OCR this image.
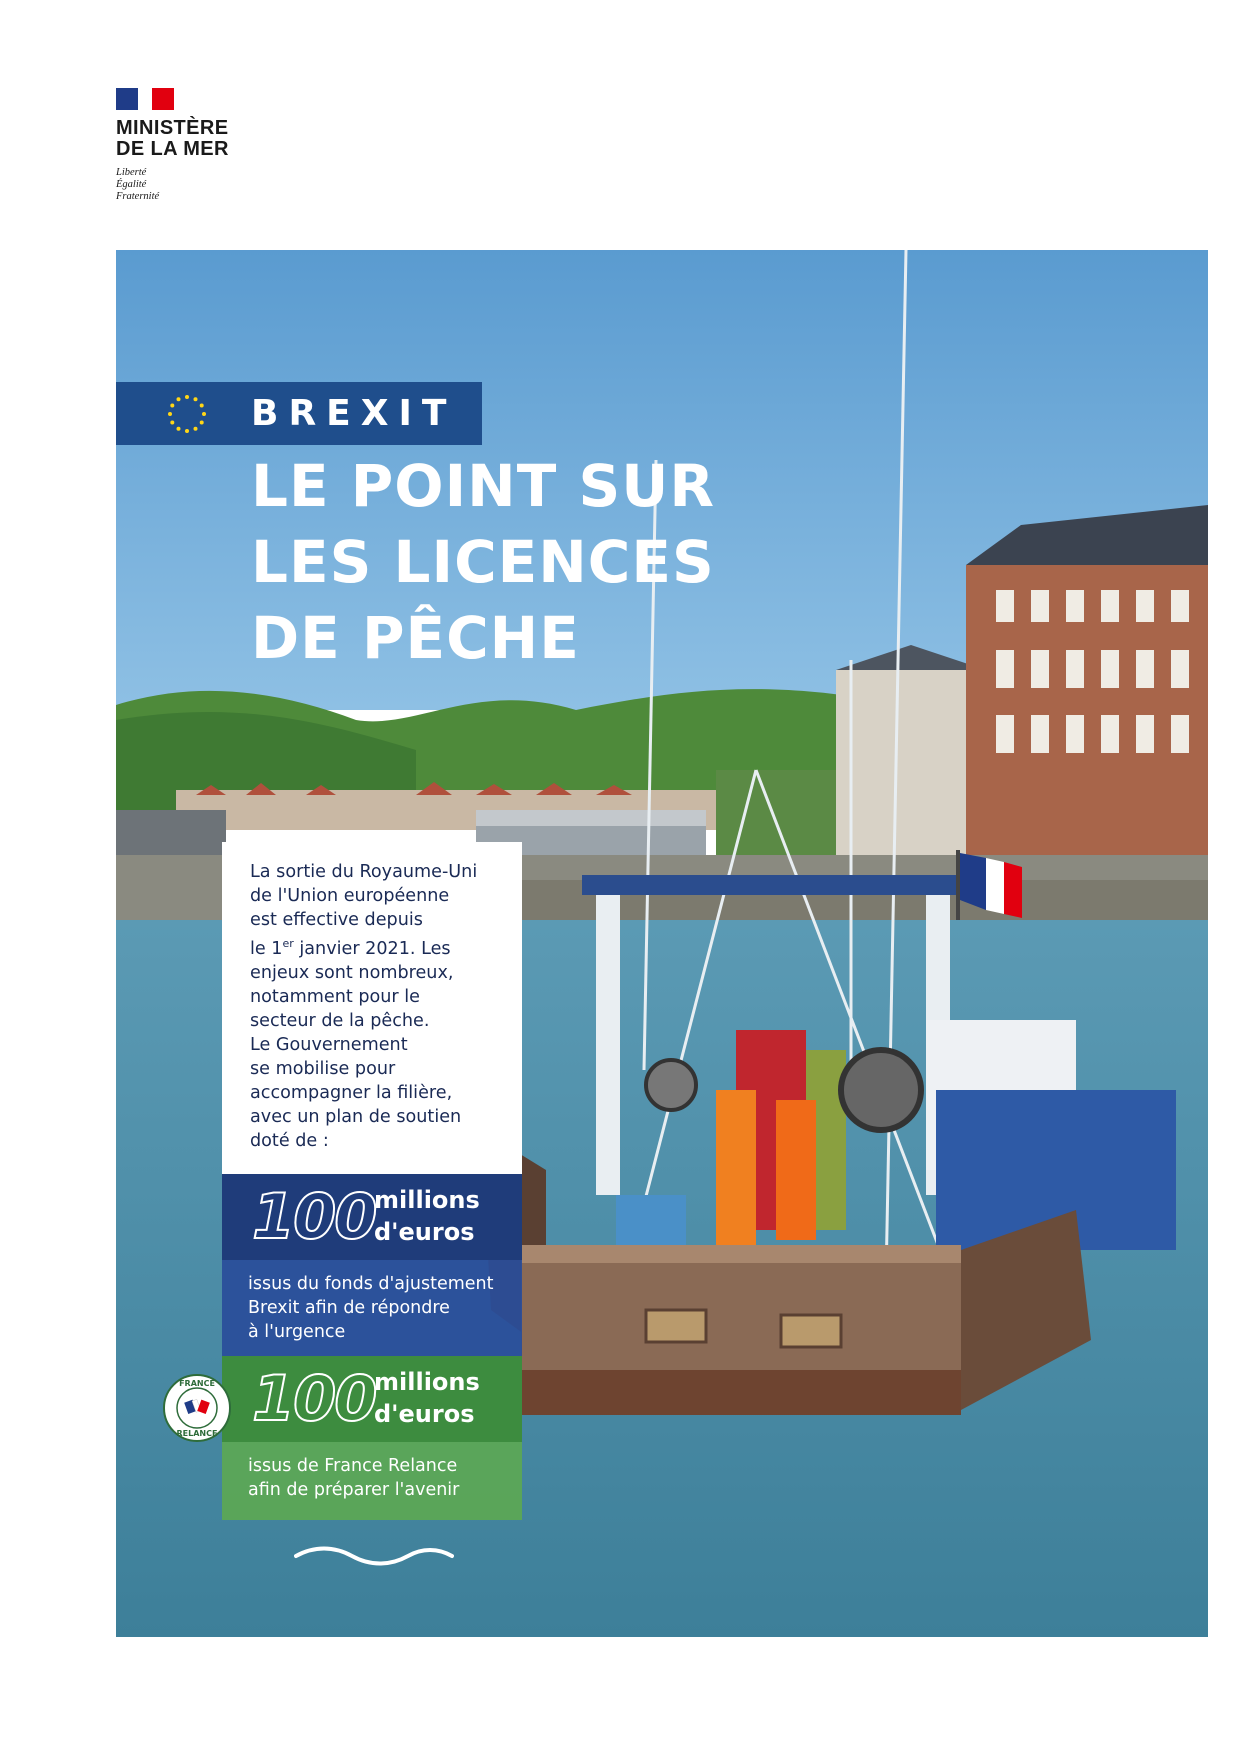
MINISTÈRE
DE LA MER
Liberté
Égalité
Fraternité
BREXIT
LE POINT SUR
LES LICENCES
DE PÊCHE

La sortie du Royaume-Uni

de l'Union européenne

est effective depuis

le 1er janvier 2021. Les

enjeux sont nombreux,

notamment pour le

secteur de la pêche.

Le Gouvernement

se mobilise pour

accompagner la filière,

avec un plan de soutien

doté de :

100
millions
d'euros

issus du fonds d'ajustement

Brexit afin de répondre

à l'urgence

100
millions
d'euros

issus de France Relance

afin de préparer l'avenir

FRANCE
RELANCE
